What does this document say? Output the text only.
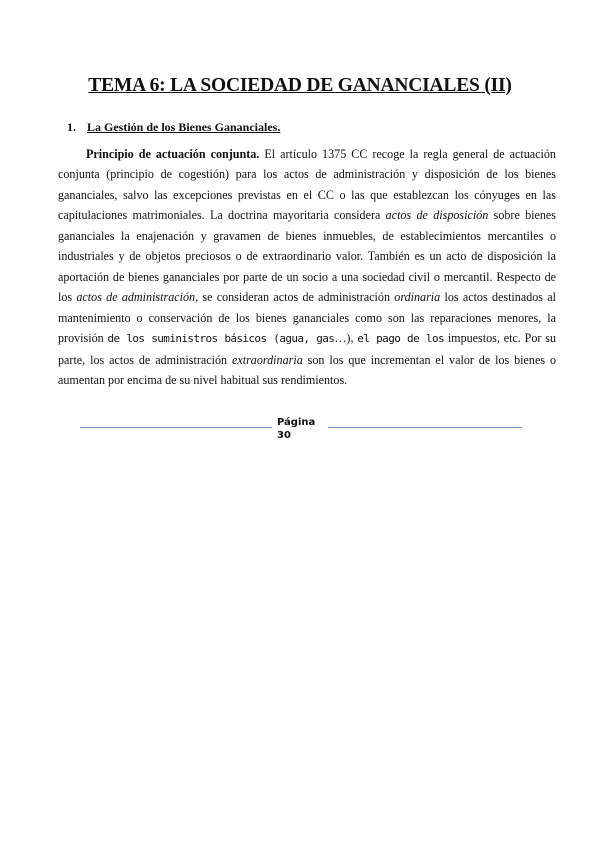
TEMA 6: LA SOCIEDAD DE GANANCIALES (II)
1. La Gestión de los Bienes Gananciales.

Principio de actuación conjunta. El artículo 1375 CC recoge la regla general de actuación conjunta (principio de cogestión) para los actos de administración y disposición de los bienes gananciales, salvo las excepciones previstas en el CC o las que establezcan los cónyuges en las capitulaciones matrimoniales. La doctrina mayoritaria considera actos de disposición sobre bienes gananciales la enajenación y gravamen de bienes inmuebles, de establecimientos mercantiles o industriales y de objetos preciosos o de extraordinario valor. También es un acto de disposición la aportación de bienes gananciales por parte de un socio a una sociedad civil o mercantil. Respecto de los actos de administración, se consideran actos de administración ordinaria los actos destinados al mantenimiento o conservación de los bienes gananciales como son las reparaciones menores, la provisión de los suministros básicos (agua, gas…), el pago de los impuestos, etc. Por su parte, los actos de administración extraordinaria son los que incrementan el valor de los bienes o aumentan por encima de su nivel habitual sus rendimientos.

Página
30
